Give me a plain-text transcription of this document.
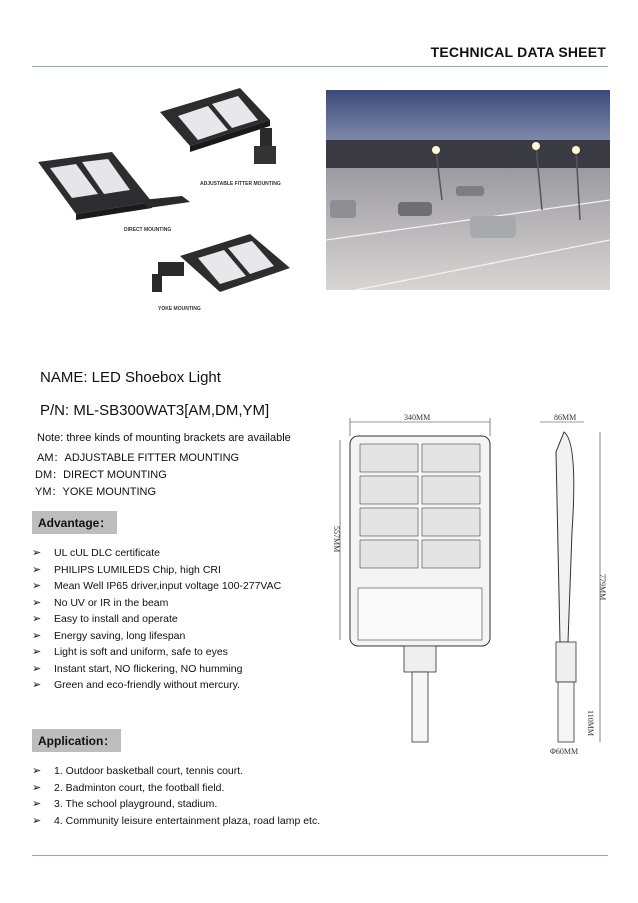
TECHNICAL DATA SHEET
ADJUSTABLE FITTER MOUNTING
DIRECT MOUNTING
YOKE MOUNTING
NAME: LED Shoebox Light
P/N: ML-SB300WAT3[AM,DM,YM]
Note: three kinds of mounting brackets are available
AM：ADJUSTABLE FITTER MOUNTING
DM：DIRECT MOUNTING
YM：YOKE MOUNTING
Advantage：
➢ UL cUL DLC certificate
➢ PHILIPS LUMILEDS Chip, high CRI
➢ Mean Well IP65 driver,input voltage 100-277VAC
➢ No UV or IR in the beam
➢ Easy to install and operate
➢ Energy saving, long lifespan
➢ Light is soft and uniform, safe to eyes
➢ Instant start, NO flickering, NO humming
➢ Green and eco-friendly without mercury.
Application：
➢ 1. Outdoor basketball court, tennis court.
➢ 2. Badminton court, the football field.
➢ 3. The school playground, stadium.
➢ 4. Community leisure entertainment plaza, road lamp etc.
340MM
557MM
86MM
779MM
110MM
Φ60MM
